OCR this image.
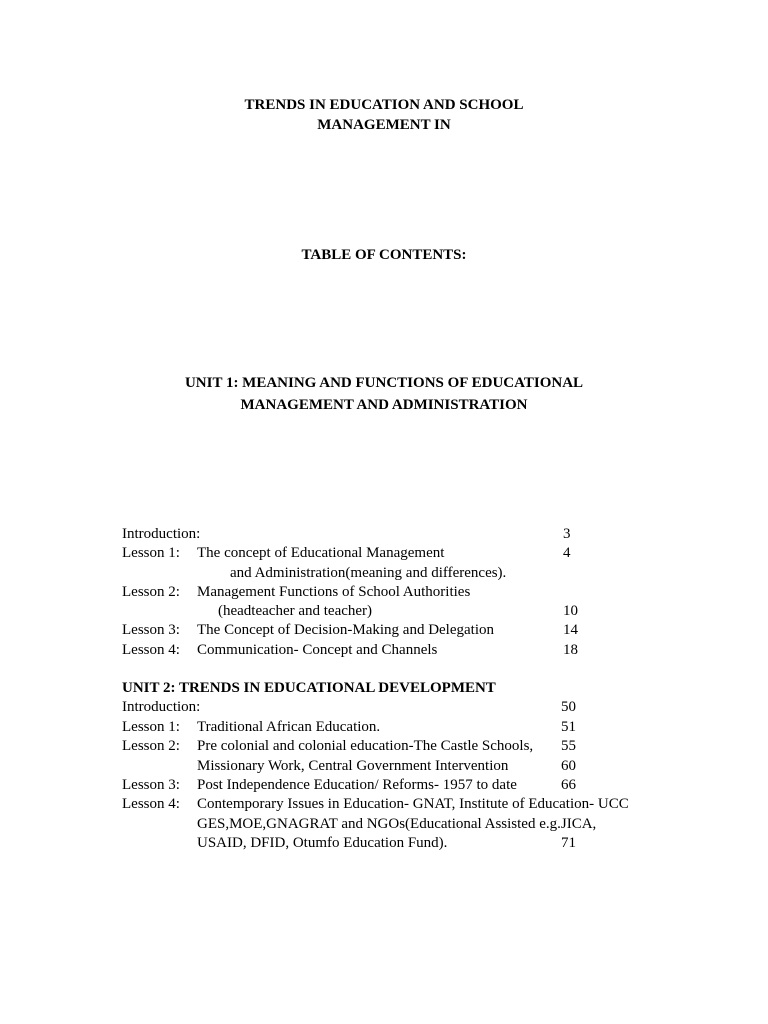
TRENDS IN EDUCATION AND SCHOOL
MANAGEMENT IN
TABLE OF CONTENTS:
UNIT 1: MEANING AND FUNCTIONS OF EDUCATIONAL
MANAGEMENT AND ADMINISTRATION
Introduction:	3
Lesson 1: The concept of Educational Management	4
and Administration(meaning and differences).
Lesson 2: Management Functions of School Authorities
(headteacher and teacher)	10
Lesson 3: The Concept of Decision-Making and Delegation	14
Lesson 4: Communication- Concept and Channels	18
UNIT 2: TRENDS IN EDUCATIONAL DEVELOPMENT
Introduction:	50
Lesson 1: Traditional African Education.	51
Lesson 2: Pre colonial and colonial education-The Castle Schools, 55
Missionary Work, Central Government Intervention	60
Lesson 3: Post Independence Education/ Reforms- 1957 to date	66
Lesson 4: Contemporary Issues in Education- GNAT, Institute of Education- UCC
GES,MOE,GNAGRAT and NGOs(Educational Assisted e.g.JICA,
USAID, DFID, Otumfo Education Fund).	71
